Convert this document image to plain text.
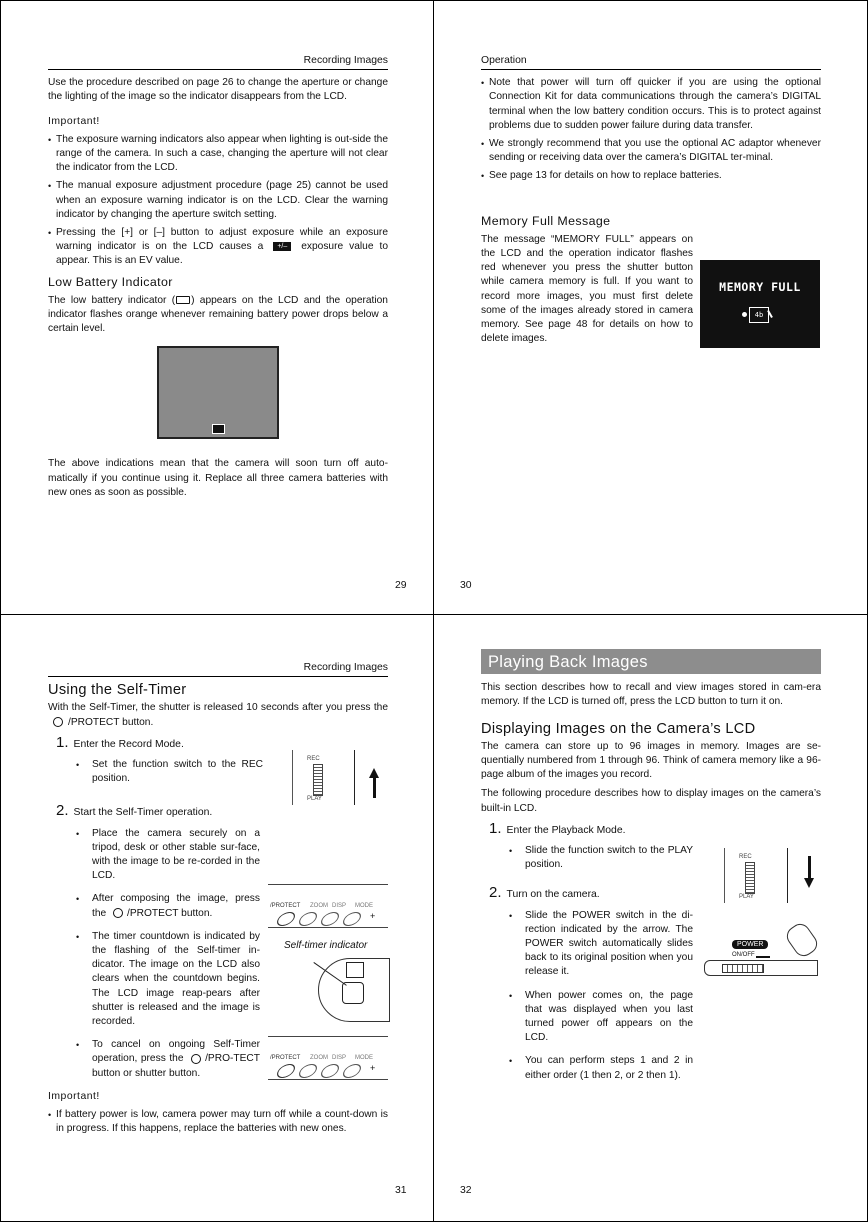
Recording Images

Use the procedure described on page 26 to change the aperture or change the lighting of the image so the indicator disappears from the LCD.

Important!
• The exposure warning indicators also appear when lighting is out-side the range of the camera. In such a case, changing the aperture will not clear the indicator from the LCD.
• The manual exposure adjustment procedure (page 25) cannot be used when an exposure warning indicator is on the LCD. Clear the warning indicator by changing the aperture switch setting.
• Pressing the [+] or [–] button to adjust exposure while an exposure warning indicator is on the LCD causes a +/– exposure value to appear. This is an EV value.
Low Battery Indicator

The low battery indicator ( ) appears on the LCD and the operation indicator flashes orange whenever remaining battery power drops below a certain level.

The above indications mean that the camera will soon turn off auto-matically if you continue using it. Replace all three camera batteries with new ones as soon as possible.

29
Operation
• Note that power will turn off quicker if you are using the optional Connection Kit for data communications through the camera’s DIGITAL terminal when the low battery condition occurs. This is to protect against problems due to sudden power failure during data transfer.
• We strongly recommend that you use the optional AC adaptor whenever sending or receiving data over the camera’s DIGITAL ter-minal.
• See page 13 for details on how to replace batteries.
Memory Full Message

The message “MEMORY FULL” appears on the LCD and the operation indicator flashes red whenever you press the shutter button while camera memory is full. If you want to record more images, you must first delete some of the images already stored in camera memory. See page 48 for details on how to delete images.

MEMORY FULL
4b
30
Recording Images
Using the Self-Timer

With the Self-Timer, the shutter is released 10 seconds after you press the /PROTECT button.

1. Enter the Record Mode.
• Set the function switch to the REC position.
2. Start the Self-Timer operation.
• Place the camera securely on a tripod, desk or other stable sur-face, with the image to be re-corded in the LCD.
• After composing the image, press the /PROTECT button.
• The timer countdown is indicated by the flashing of the Self-timer in-dicator. The image on the LCD also clears when the countdown begins. The LCD image reap-pears after shutter is released and the image is recorded.
• To cancel on ongoing Self-Timer operation, press the /PRO-TECT button or shutter button.
Important!
• If battery power is low, camera power may turn off while a count-down is in progress. If this happens, replace the batteries with new ones.
REC
PLAY
/PROTECT ZOOM DISP MODE
+
Self-timer indicator
/PROTECT ZOOM DISP MODE
+
31
Playing Back Images

This section describes how to recall and view images stored in cam-era memory. If the LCD is turned off, press the LCD button to turn it on.

Displaying Images on the Camera’s LCD

The camera can store up to 96 images in memory. Images are se-quentially numbered from 1 through 96. Think of camera memory like a 96-page album of the images you record.

The following procedure describes how to display images on the camera’s built-in LCD.

1. Enter the Playback Mode.
• Slide the function switch to the PLAY position.
2. Turn on the camera.
• Slide the POWER switch in the di-rection indicated by the arrow. The POWER switch automatically slides back to its original position when you release it.
• When power comes on, the page that was displayed when you last turned power off appears on the LCD.
• You can perform steps 1 and 2 in either order (1 then 2, or 2 then 1).
REC
PLAY
POWER
ON/OFF
32
